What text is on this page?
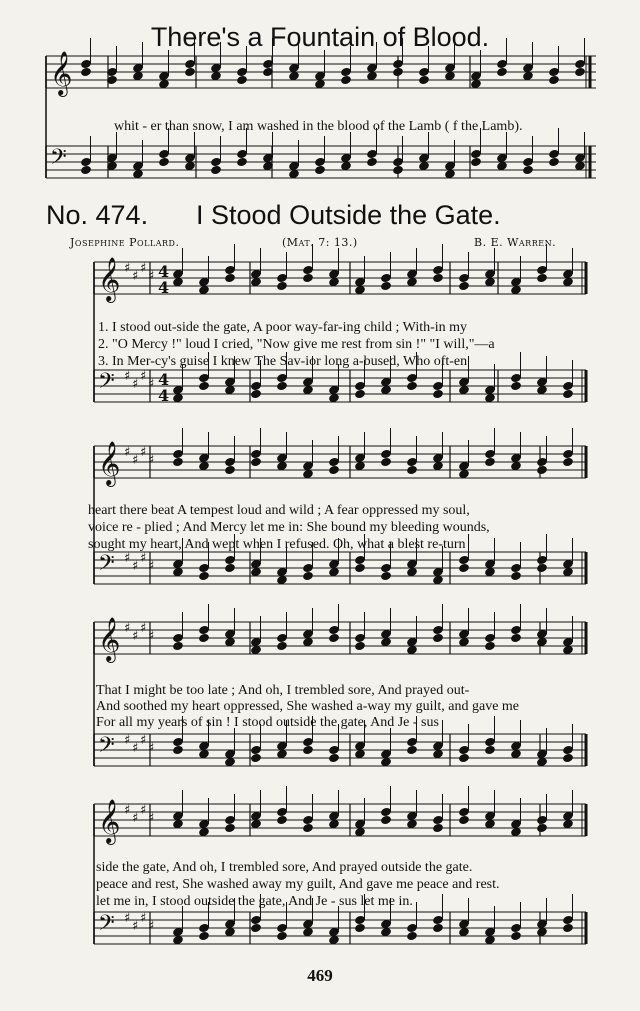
There's a Fountain of Blood.
No. 474. I Stood Outside the Gate.
Josephine Pollard.	(Mat. 7: 13.)	B. E. Warren.
whit - er than snow, I am washed in the blood of the Lamb ( f the Lamb).
1. I stood out-side the gate, A poor way-far-ing child ; With-in my
2. "O Mercy !" loud I cried, "Now give me rest from sin !" "I will,"—a
3. In Mer-cy's guise I knew The Sav-ior long a-bused, Who oft-en
heart there beat A tempest loud and wild ; A fear oppressed my soul,
voice re - plied ; And Mercy let me in: She bound my bleeding wounds,
sought my heart, And wept when I refused. Oh, what a blest re-turn
That I might be too late ; And oh, I trembled sore, And prayed out-
And soothed my heart oppressed, She washed a-way my guilt, and gave me
For all my years of sin ! I stood outside the gate, And Je - sus
side the gate, And oh, I trembled sore, And prayed outside the gate.
peace and rest, She washed away my guilt, And gave me peace and rest.
let me in, I stood outside the gate, And Je - sus let me in.
469
𝄞
𝄢
𝄞 ♯
♯
♯
♯ 4
4
𝄢 ♯
♯
♯
♯ 4
4
𝄞 ♯
♯
♯
♯
𝄢 ♯
♯
♯
♯
𝄞 ♯
♯
♯
♯
𝄢 ♯
♯
♯
♯
𝄞 ♯
♯
♯
♯
𝄢 ♯
♯
♯
♯
